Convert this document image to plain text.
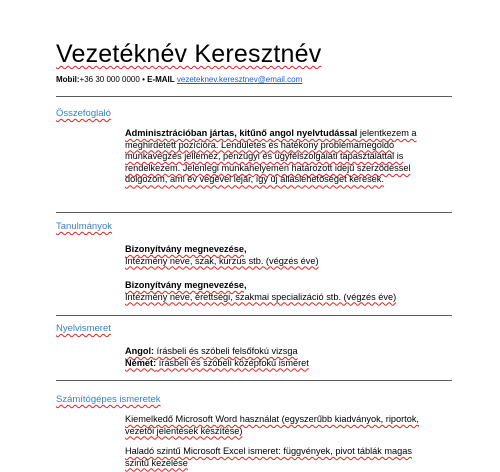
Vezetéknév Keresztnév
Mobil:+36 30 000 0000 • E-MAIL vezeteknev.keresztnev@email.com
Összefoglaló

Adminisztrációban jártas, kitűnő angol nyelvtudással jelentkezem a

meghirdetett pozícióra. Lendületes és hatékony problémamegoldó

munkavégzés jellemez, pénzügyi és ügyfélszolgálati tapasztalattal is

rendelkezem. Jelenlegi munkahelyemen határozott idejű szerződéssel

dolgozom, ami év végével lejár, így új álláslehetőséget keresek.

Tanulmányok

Bizonyítvány megnevezése,

Intézmény neve, szak, kurzus stb. (végzés éve)

Bizonyítvány megnevezése,

Intézmény neve, érettségi, szakmai specializáció stb. (végzés éve)

Nyelvismeret

Angol: írásbeli és szóbeli felsőfokú vizsga

Német: írásbeli és szóbeli középfokú ismeret

Számítógépes ismeretek

Kiemelkedő Microsoft Word használat (egyszerűbb kiadványok, riportok,

vezetői jelentések készítése)

Haladó szintű Microsoft Excel ismeret: függvények, pivot táblák magas

szintű kezelése
